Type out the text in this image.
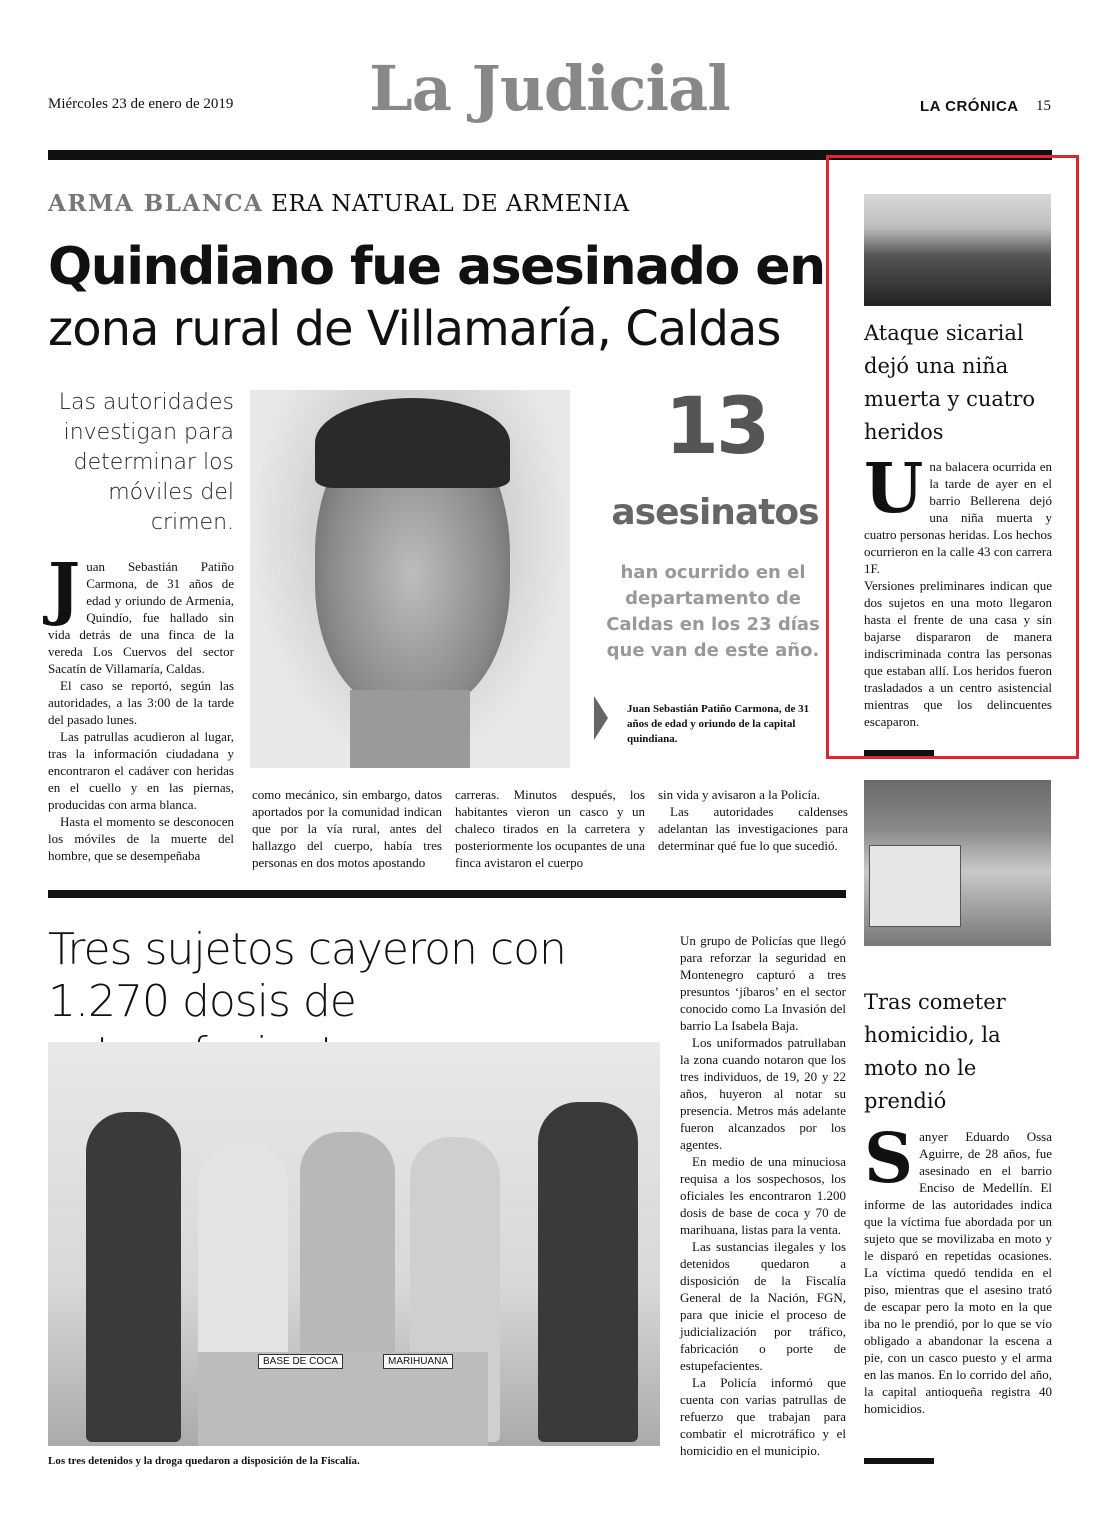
Miércoles 23 de enero de 2019	La Judicial	LA CRÓNICA 15
ARMA BLANCA ERA NATURAL DE ARMENIA
Quindiano fue asesinado en
zona rural de Villamaría, Caldas
Las autoridades investigan para determinar los móviles del crimen.
13
asesinatos
han ocurrido en el departamento de Caldas en los 23 días que van de este año.
Juan Sebastián Patiño Carmona, de 31 años de edad y oriundo de la capital quindiana.

Juan Sebastián Patiño Carmona, de 31 años de edad y oriundo de Armenia, Quindío, fue hallado sin vida detrás de una finca de la vereda Los Cuervos del sector Sacatín de Villamaría, Caldas.

El caso se reportó, según las autoridades, a las 3:00 de la tarde del pasado lunes.

Las patrullas acudieron al lugar, tras la información ciudadana y encontraron el cadáver con heridas en el cuello y en las piernas, producidas con arma blanca.

Hasta el momento se desconocen los móviles de la muerte del hombre, que se desempeñaba

como mecánico, sin embargo, datos aportados por la comunidad indican que por la vía rural, antes del hallazgo del cuerpo, había tres personas en dos motos apostando

carreras. Minutos después, los habitantes vieron un casco y un chaleco tirados en la carretera y posteriormente los ocupantes de una finca avistaron el cuerpo

sin vida y avisaron a la Policía.

Las autoridades caldenses adelantan las investigaciones para determinar qué fue lo que sucedió.

Ataque sicarial dejó una niña muerta y cuatro heridos

Una balacera ocurrida en la tarde de ayer en el barrio Bellerena dejó una niña muerta y cuatro personas heridas. Los hechos ocurrieron en la calle 43 con carrera 1F.

Versiones preliminares indican que dos sujetos en una moto llegaron hasta el frente de una casa y sin bajarse dispararon de manera indiscriminada contra las personas que estaban allí. Los heridos fueron trasladados a un centro asistencial mientras que los delincuentes escaparon.

Tras cometer homicidio, la moto no le prendió

Sanyer Eduardo Ossa Aguirre, de 28 años, fue asesinado en el barrio Enciso de Medellín. El informe de las autoridades indica que la víctima fue abordada por un sujeto que se movilizaba en moto y le disparó en repetidas ocasiones. La víctima quedó tendida en el piso, mientras que el asesino trató de escapar pero la moto en la que iba no le prendió, por lo que se vio obligado a abandonar la escena a pie, con un casco puesto y el arma en las manos. En lo corrido del año, la capital antioqueña registra 40 homicidios.

Tres sujetos cayeron con
1.270 dosis de
BASE DE COCA	MARIHUANA
Los tres detenidos y la droga quedaron a disposición de la Fiscalía.

Un grupo de Policías que llegó para reforzar la seguridad en Montenegro capturó a tres presuntos ‘jíbaros’ en el sector conocido como La Invasión del barrio La Isabela Baja.

Los uniformados patrullaban la zona cuando notaron que los tres individuos, de 19, 20 y 22 años, huyeron al notar su presencia. Metros más adelante fueron alcanzados por los agentes.

En medio de una minuciosa requisa a los sospechosos, los oficiales les encontraron 1.200 dosis de base de coca y 70 de marihuana, listas para la venta.

Las sustancias ilegales y los detenidos quedaron a disposición de la Fiscalía General de la Nación, FGN, para que inicie el proceso de judicialización por tráfico, fabricación o porte de estupefacientes.

La Policía informó que cuenta con varias patrullas de refuerzo que trabajan para combatir el microtráfico y el homicidio en el municipio.
